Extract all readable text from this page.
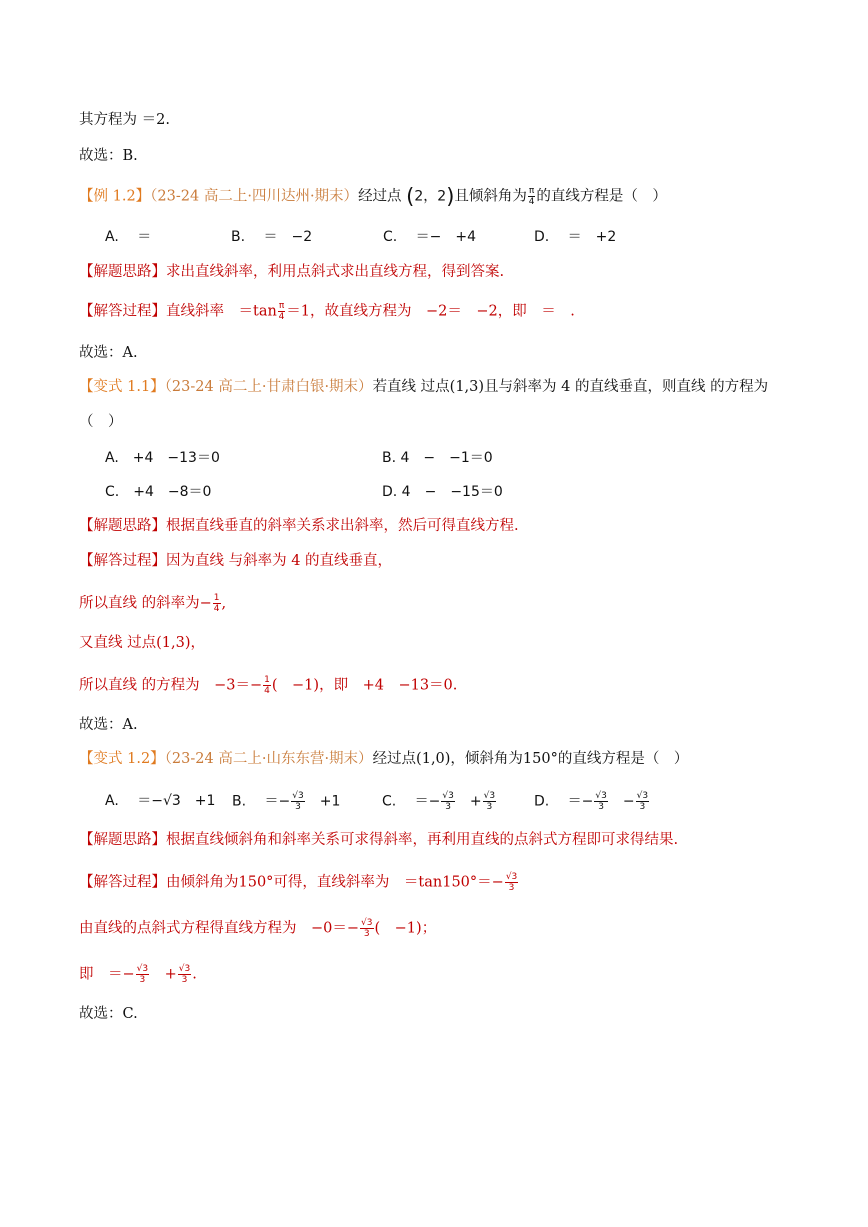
其方程为 ＝2.
故选：B.
【例 1.2】（23-24 高二上·四川达州·期末）经过点 (2，2)且倾斜角为 $\frac{\pi}{4}$ 的直线方程是（　）
A.　 ＝	B.　 ＝　−2	C.　 ＝−　+4	D.　 ＝　+2
【解题思路】求出直线斜率，利用点斜式求出直线方程，得到答案.
【解答过程】直线斜率　$=\tan \frac{\pi}{4} =1$，故直线方程为　−2＝　−2，即　＝　.
故选：A.
【变式 1.1】（23-24 高二上·甘肃白银·期末）若直线 过点(1,3)且与斜率为 4 的直线垂直，则直线 的方程为
（　）
A.　+4　−13＝0	B. 4　−　−1＝0
C.　+4　−8＝0	D. 4　−　−15＝0
【解题思路】根据直线垂直的斜率关系求出斜率，然后可得直线方程.
【解答过程】因为直线 与斜率为 4 的直线垂直，
所以直线 的斜率为− $\frac{1}{4}$ ,
又直线 过点(1,3)，
所以直线 的方程为　$-3=- \frac{1}{4}$ (　−1)，即　+4　−13＝0.
故选：A.
【变式 1.2】（23-24 高二上·山东东营·期末）经过点(1,0)，倾斜角为150°的直线方程是（　）
A.　 ＝−√3　+1 B.　 ＝− $\frac{√3}{3}$ 　+1	C.　 ＝− $\frac{√3}{3}$ 　+ $\frac{√3}{3}$	D.　 ＝− $\frac{√3}{3}$ 　− $\frac{√3}{3}$
【解题思路】根据直线倾斜角和斜率关系可求得斜率，再利用直线的点斜式方程即可求得结果.
【解答过程】由倾斜角为150°可得，直线斜率为　$=\tan 150^\circ=- \frac{√3}{3}$
由直线的点斜式方程得直线方程为　$-0=- \frac{√3}{3}$ (　−1)；
即　＝− $\frac{√3}{3}$ 　+ $\frac{√3}{3}$ .
故选：C.
